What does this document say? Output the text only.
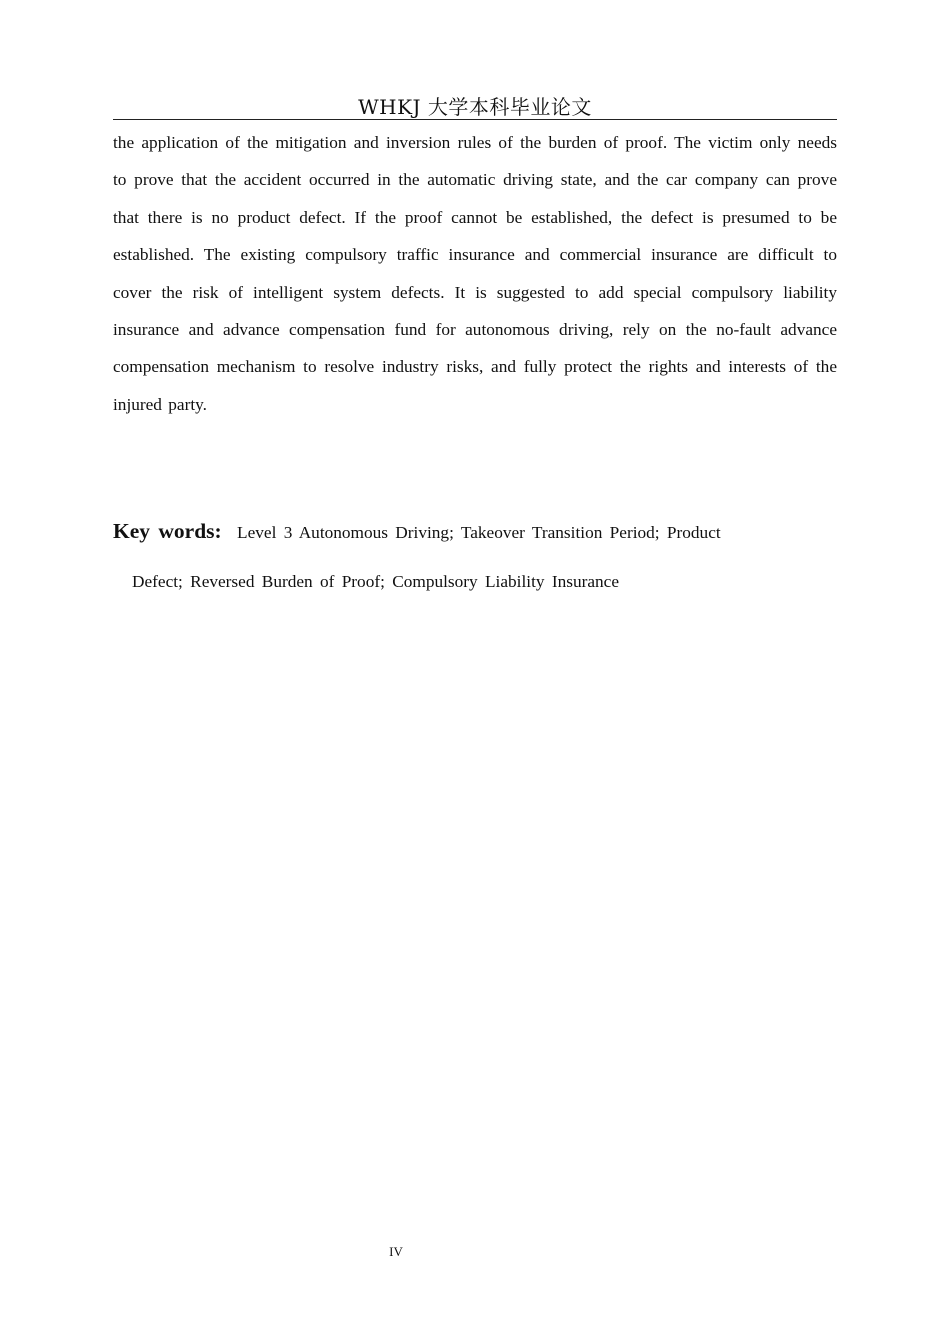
WHKJ 大学本科毕业论文

the application of the mitigation and inversion rules of the burden of proof. The victim only needs to prove that the accident occurred in the automatic driving state, and the car company can prove that there is no product defect. If the proof cannot be established, the defect is presumed to be established. The existing compulsory traffic insurance and commercial insurance are difficult to cover the risk of intelligent system defects. It is suggested to add special compulsory liability insurance and advance compensation fund for autonomous driving, rely on the no-fault advance compensation mechanism to resolve industry risks, and fully protect the rights and interests of the injured party.

Key words: Level 3 Autonomous Driving; Takeover Transition Period; Product
Defect; Reversed Burden of Proof; Compulsory Liability Insurance

IV
